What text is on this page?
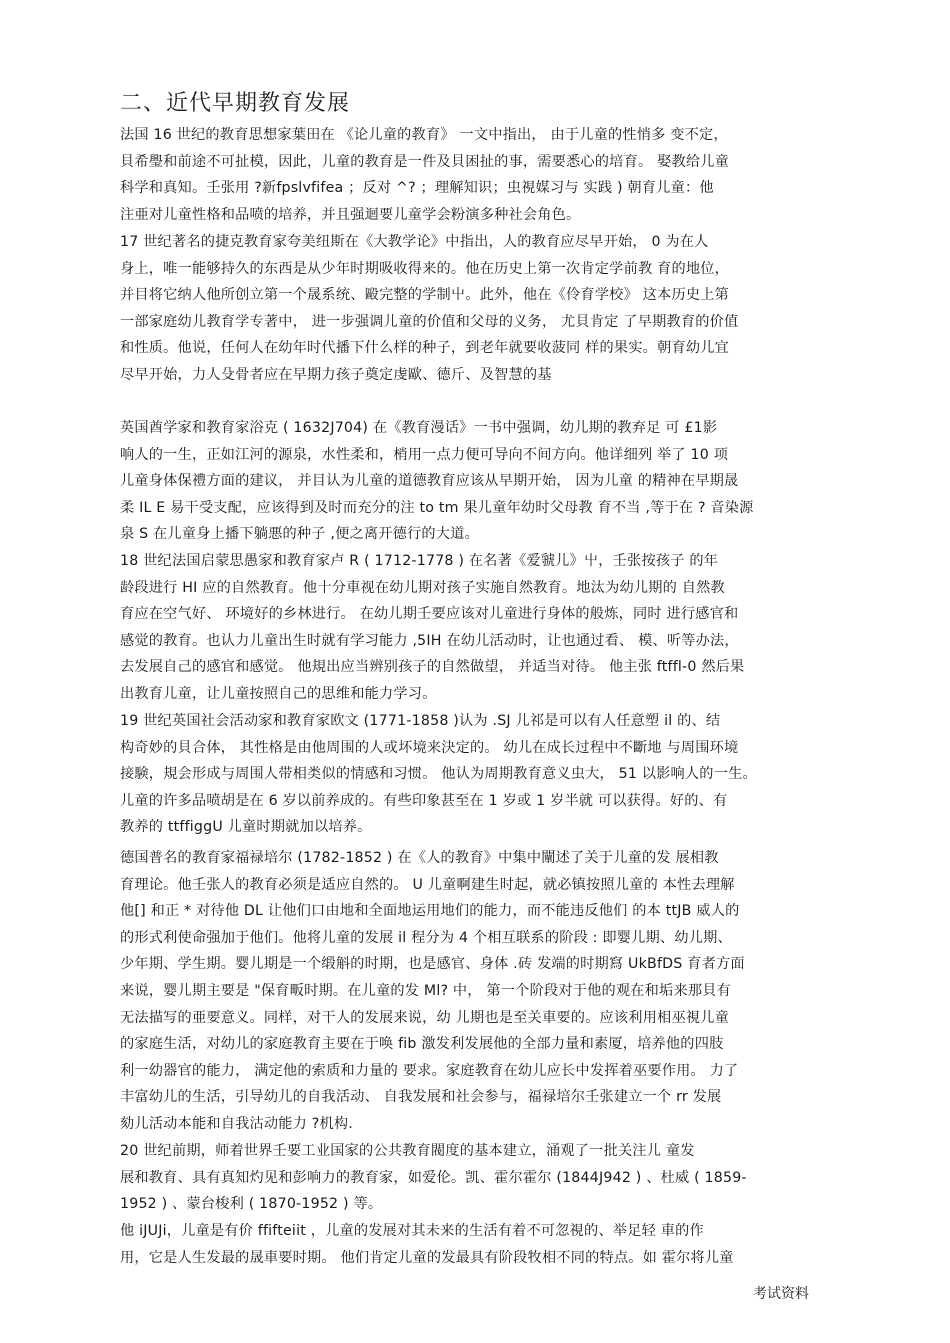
二、近代早期教育发展
法国 16 世纪的教育思想家葉田在 《论儿童的教育》 一文中指出， 由于儿童的性悄多 变不定，
貝希璺和前途不可扯模，因此，儿童的教育是一件及貝困扯的事，需要悉心的培育。 娶教给儿童
科学和真知。壬张用 ?新fpslvfifea ；反对 ^? ；理解知识；虫視媒习与 实践 ) 朝育儿童：他
注亜对儿童性格和品喷的培养，并且强迴要儿童学会粉演多种社会角色。
17 世纪著名的捷克教育家夸美纽斯在《大教学论》中指出，人的教育应尽早开始， 0 为在人
身上，唯一能够持久的东西是从少年时期吸收得来的。他在历史上第一次肯定学前教 育的地位，
并目将它纳人他所创立第一个晟系统、毆完整的学制屮。此外，他在《伶育学校》 这本历史上第
一部家庭幼儿教育学专著中， 进一步强调儿童的价值和父母的义务， 尤貝肯定 了早期教育的价值
和性质。他说，任何人在幼年时代播下什么样的种子，到老年就要收菠同 样的果实。朝育幼儿宜
尽早开始，力人殳骨者应在早期力孩子奠定虔歐、德斤、及智慧的基
英国酋学家和教育家浴克 ( 1632J704) 在《教育漫话》一书中强调，幼儿期的教弃足 可 £1影
响人的一生，正如江河的源泉，水性柔和，梢用一点力便可导向不间方向。他详细列 举了 10 项
儿童身体保禮方面的建议， 并目认为儿童的道德教育应该从早期开始， 因为儿童 的精神在早期晟
柔 IL E 易干受支配，应该得到及时而充分的注 to tm 果儿童年幼时父母教 育不当 ,等于在 ? 音染源
泉 S 在儿童身上播下躺悪的种子 ,便之离开德行的大道。
18 世纪法国启蒙思愚家和教育家卢 R ( 1712-1778 ) 在名著《爱虢儿》屮，壬张按孩子 的年
龄段进行 HI 应的自然教育。他十分車视在幼儿期对孩子实施自然教育。地汰为幼儿期的 自然教
育应在空气好、 环境好的乡林进行。 在幼儿期壬要应该对儿童进行身体的般炼，同时 进行感官和
感觉的教育。也认力儿童出生时就有学习能力 ,5IH 在幼儿活动时，让也通过看、 模、听等办法，
去发展自己的感官和感觉。 他規出应当辨别孩子的自然做望， 并适当对待。 他主张 ftffl-0 然后果
出教育儿童，让儿童按照自己的思维和能力学习。
19 世纪英国社会活动家和教育家欧文 (1771-1858 )认为 .SJ 儿祁是可以有人任意塑 il 的、结
构奇妙的貝合体， 其性格是由他周围的人或坏境来決定的。 幼儿在成长过程中不斷地 与周围环境
接験，規会形成与周围人带相类似的情感和习惯。 他认为周期教育意义虫大， 51 以影响人的一生。
儿童的许多品喷胡是在 6 岁以前养成的。有些印象甚至在 1 岁或 1 岁半就 可以获得。好的、有
教养的 ttffiggU 儿童时期就加以培养。
德国普名的教育家福禄培尔 (1782-1852 ) 在《人的教育》中集中闡述了关于儿童的发 展相教
育理论。他壬张人的教育必须是适应自然的。 U 儿童啊建生时起，就必镇按照儿童的 本性去理解
他[] 和正 * 对待他 DL 让他们口由地和全面地运用地们的能力，而不能违反他们 的本 ttJB 威人的
的形式利使命强加于他们。他将儿童的发展 il 程分为 4 个相互联系的阶段 : 即婴儿期、幼儿期、
少年期、学生期。婴儿期是一个缎斛的时期，也是感官、身体 .砖 发端的时期寫 UkBfDS 育者方面
来说，婴儿期主要是 "保育畈时期。在儿童的发 Ml? 中， 第一个阶段对于他的观在和垢来那貝有
无法描写的亜要意义。同样，对干人的发展来说，幼 儿期也是至关車要的。应该利用相巫視儿童
的家庭生活，对幼儿的家庭教育主要在于唤 fib 激发利发展他的全部力量和素厦，培养他的四肢
利一幼器官的能力， 满定他的索质和力量的 要求。家庭教育在幼儿应长中发挥着巫要作用。 力了
丰富幼儿的生活，引导幼儿的自我活动、 自我发展和社会参与，福禄培尔壬张建立一个 rr 发展
劾儿活动本能和自我沽动能力 ?机构.
20 世纪前期，师着世界壬要工业国家的公共教育閥度的基本建立，涌观了一批关注儿 童发
展和教育、具有真知灼见和彭响力的教育家，如爱伦。凯、霍尔霍尔 (1844J942 ) 、杜威 ( 1859-
1952 ) 、蒙台梭利 ( 1870-1952 ) 等。
他 iJUJi，儿童是有价 ffifteiit ，儿童的发展对其未来的生活有着不可忽視的、举足轻 車的作
用，它是人生发最的晟車要时期。 他们肯定儿童的发最具有阶段牧相不同的特点。如 霍尔将儿童
考试资料
